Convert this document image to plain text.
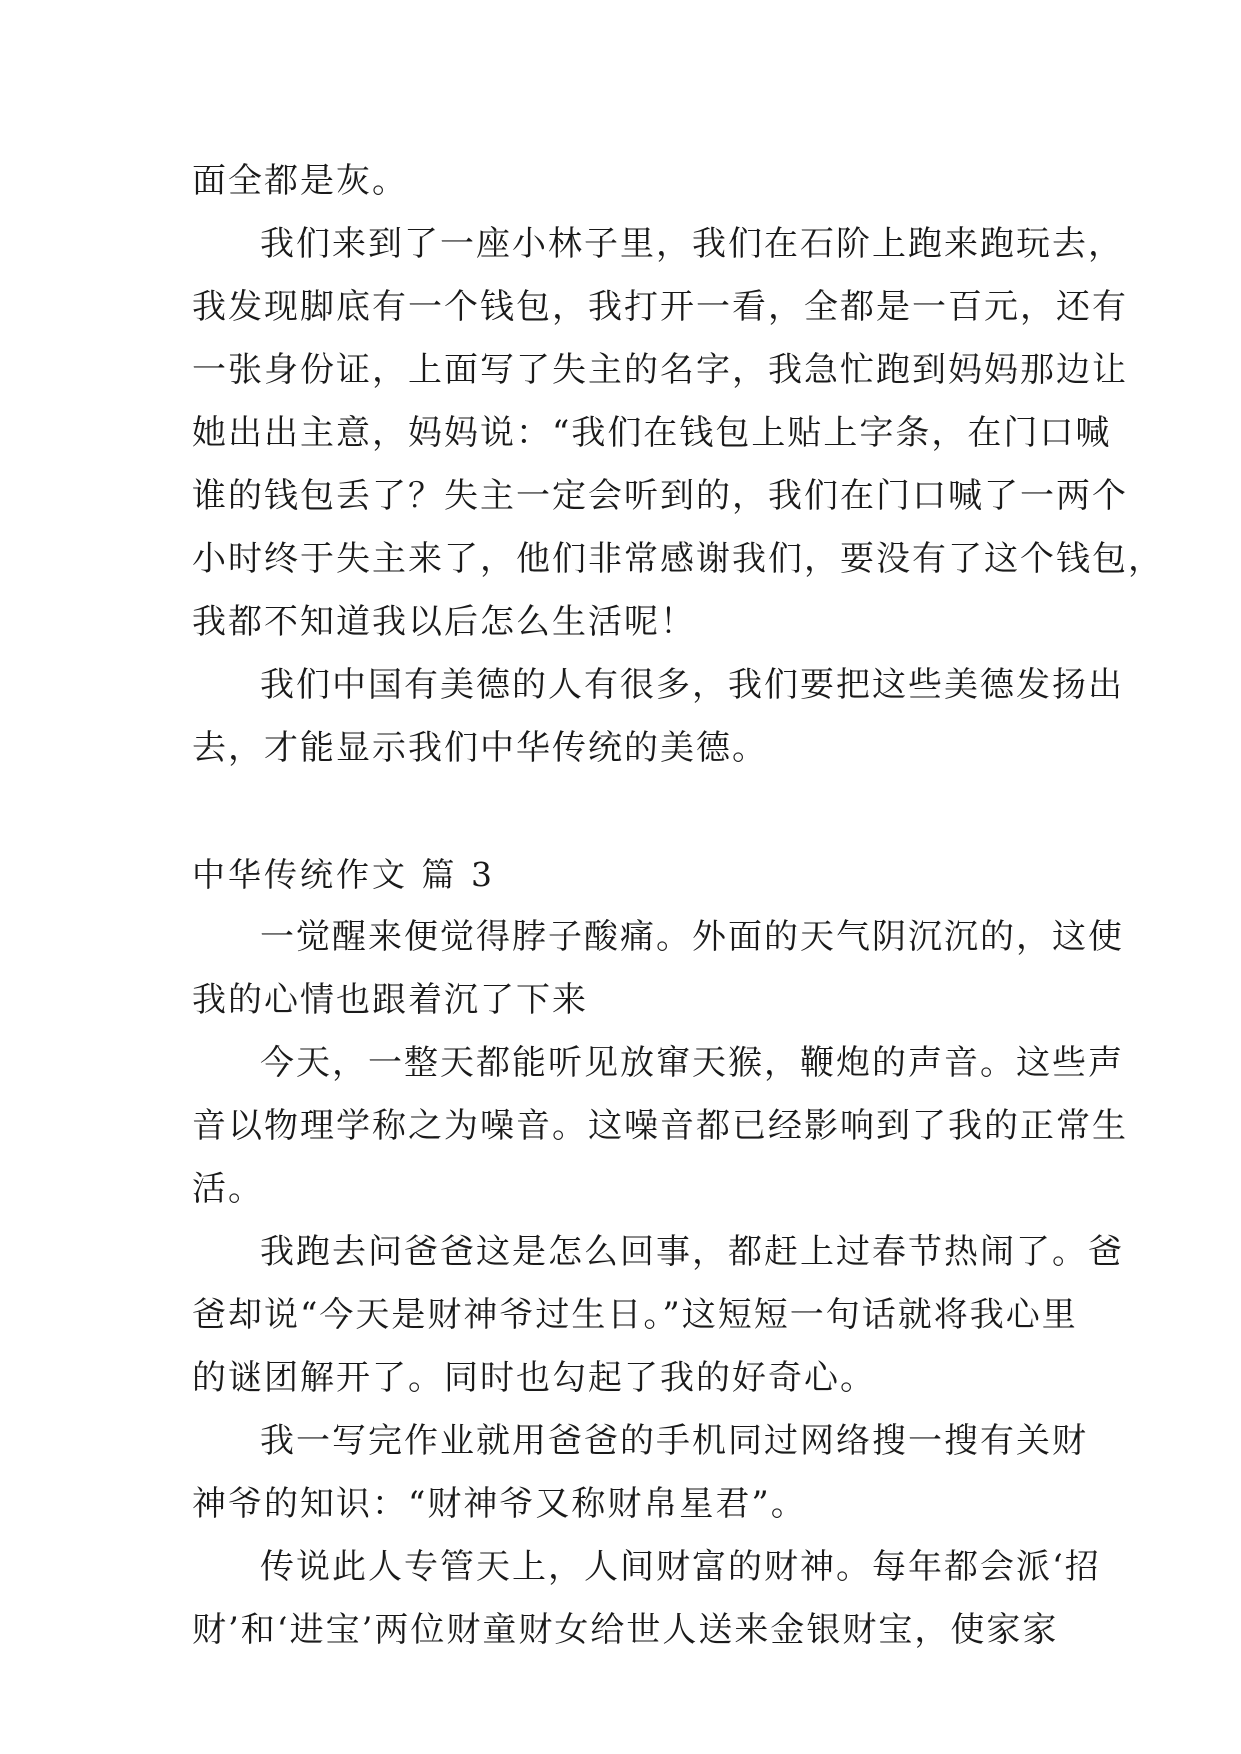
面全都是灰。
我们来到了一座小林子里，我们在石阶上跑来跑玩去，
我发现脚底有一个钱包，我打开一看，全都是一百元，还有
一张身份证，上面写了失主的名字，我急忙跑到妈妈那边让
她出出主意，妈妈说：“我们在钱包上贴上字条，在门口喊
谁的钱包丢了？失主一定会听到的，我们在门口喊了一两个
小时终于失主来了，他们非常感谢我们，要没有了这个钱包，
我都不知道我以后怎么生活呢！
我们中国有美德的人有很多，我们要把这些美德发扬出
去，才能显示我们中华传统的美德。
中华传统作文 篇 3
一觉醒来便觉得脖子酸痛。外面的天气阴沉沉的，这使
我的心情也跟着沉了下来
今天，一整天都能听见放窜天猴，鞭炮的声音。这些声
音以物理学称之为噪音。这噪音都已经影响到了我的正常生
活。
我跑去问爸爸这是怎么回事，都赶上过春节热闹了。爸
爸却说“今天是财神爷过生日。”这短短一句话就将我心里
的谜团解开了。同时也勾起了我的好奇心。
我一写完作业就用爸爸的手机同过网络搜一搜有关财
神爷的知识：“财神爷又称财帛星君”。
传说此人专管天上，人间财富的财神。每年都会派‘招
财’和‘进宝’两位财童财女给世人送来金银财宝，使家家
